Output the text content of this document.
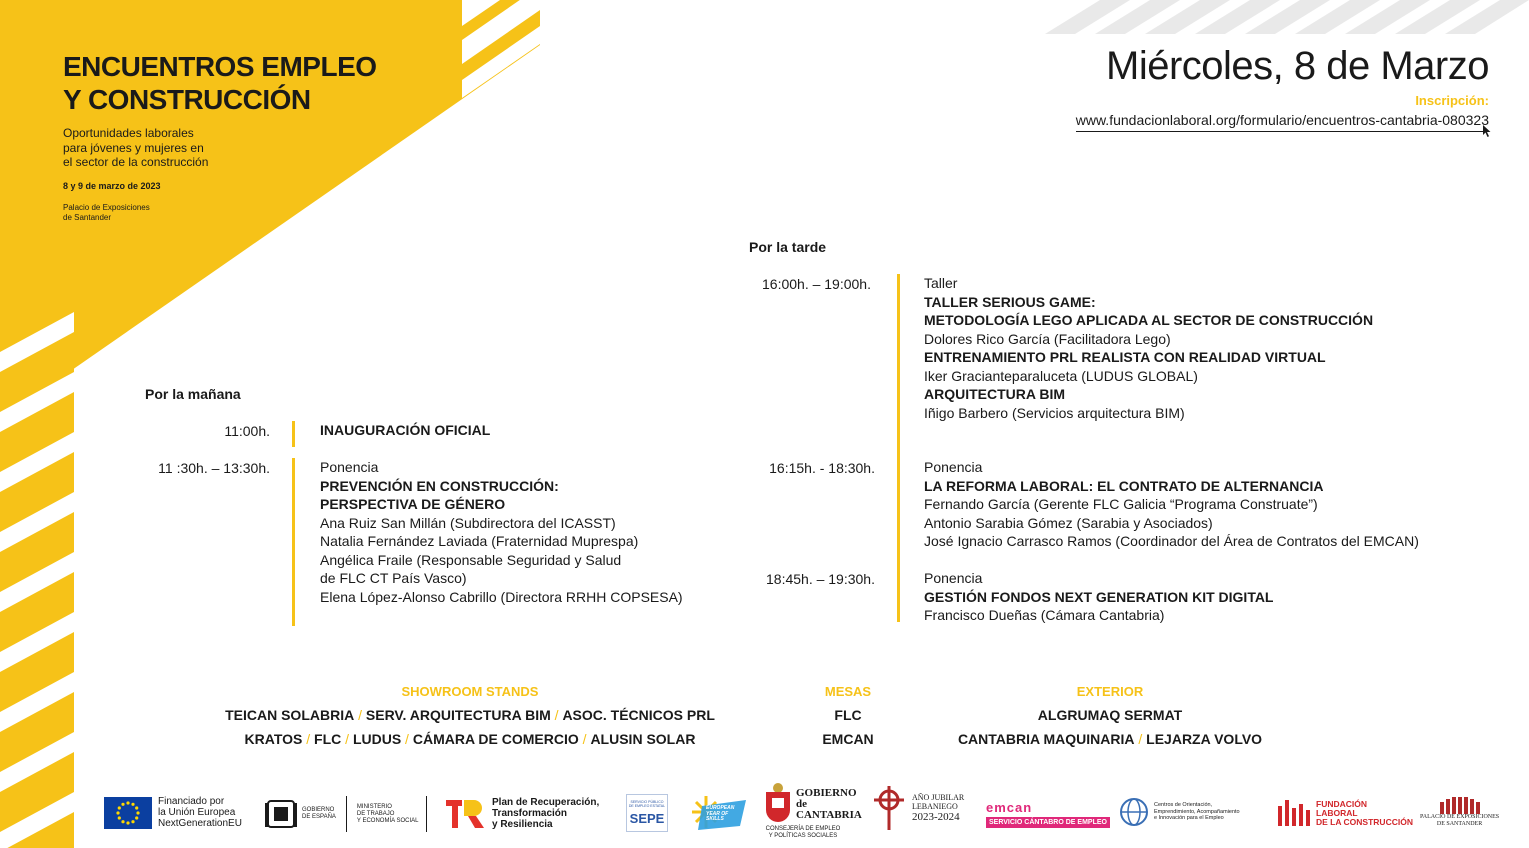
ENCUENTROS EMPLEO
Y CONSTRUCCIÓN
Oportunidades laborales
para jóvenes y mujeres en
el sector de la construcción
8 y 9 de marzo de 2023
Palacio de Exposiciones
de Santander
Miércoles, 8 de Marzo
Inscripción:
www.fundacionlaboral.org/formulario/encuentros-cantabria-080323
Por la mañana
11:00h.	INAUGURACIÓN OFICIAL
11 :30h. – 13:30h.	Ponencia
PREVENCIÓN EN CONSTRUCCIÓN:
PERSPECTIVA DE GÉNERO
Ana Ruiz San Millán (Subdirectora del ICASST)
Natalia Fernández Laviada (Fraternidad Muprespa)
Angélica Fraile (Responsable Seguridad y Salud
de FLC CT País Vasco)
Elena López-Alonso Cabrillo (Directora RRHH COPSESA)
Por la tarde
16:00h. – 19:00h.	Taller
TALLER SERIOUS GAME:
METODOLOGÍA LEGO APLICADA AL SECTOR DE CONSTRUCCIÓN
Dolores Rico García (Facilitadora Lego)
ENTRENAMIENTO PRL REALISTA CON REALIDAD VIRTUAL
Iker Gracianteparaluceta (LUDUS GLOBAL)
ARQUITECTURA BIM
Iñigo Barbero (Servicios arquitectura BIM)
16:15h. - 18:30h.	Ponencia
LA REFORMA LABORAL: EL CONTRATO DE ALTERNANCIA
Fernando García (Gerente FLC Galicia “Programa Construate”)
Antonio Sarabia Gómez (Sarabia y Asociados)
José Ignacio Carrasco Ramos (Coordinador del Área de Contratos del EMCAN)
18:45h. – 19:30h.	Ponencia
GESTIÓN FONDOS NEXT GENERATION KIT DIGITAL
Francisco Dueñas (Cámara Cantabria)
SHOWROOM STANDS
TEICAN SOLABRIA / SERV. ARQUITECTURA BIM / ASOC. TÉCNICOS PRL
KRATOS / FLC / LUDUS / CÁMARA DE COMERCIO / ALUSIN SOLAR
MESAS
FLC
EMCAN
EXTERIOR
ALGRUMAQ SERMAT
CANTABRIA MAQUINARIA / LEJARZA VOLVO
Financiado por
la Unión Europea
NextGenerationEU
GOBIERNO
DE ESPAÑA
MINISTERIO
DE TRABAJO
Y ECONOMÍA SOCIAL
Plan de Recuperación,
Transformación
y Resiliencia
SERVICIO PÚBLICO
DE EMPLEO ESTATAL
SEPE
EUROPEAN
YEAR OF
SKILLS
GOBIERNO
de
CANTABRIA
CONSEJERÍA DE EMPLEO
Y POLÍTICAS SOCIALES
AÑO JUBILAR
LEBANIEGO
2023-2024
emcan
SERVICIO CÁNTABRO DE EMPLEO
Centros de Orientación,
Emprendimiento, Acompañamiento
e Innovación para el Empleo
FUNDACIÓN
LABORAL
DE LA CONSTRUCCIÓN PALACIO DE EXPOSICIONES
DE SANTANDER
